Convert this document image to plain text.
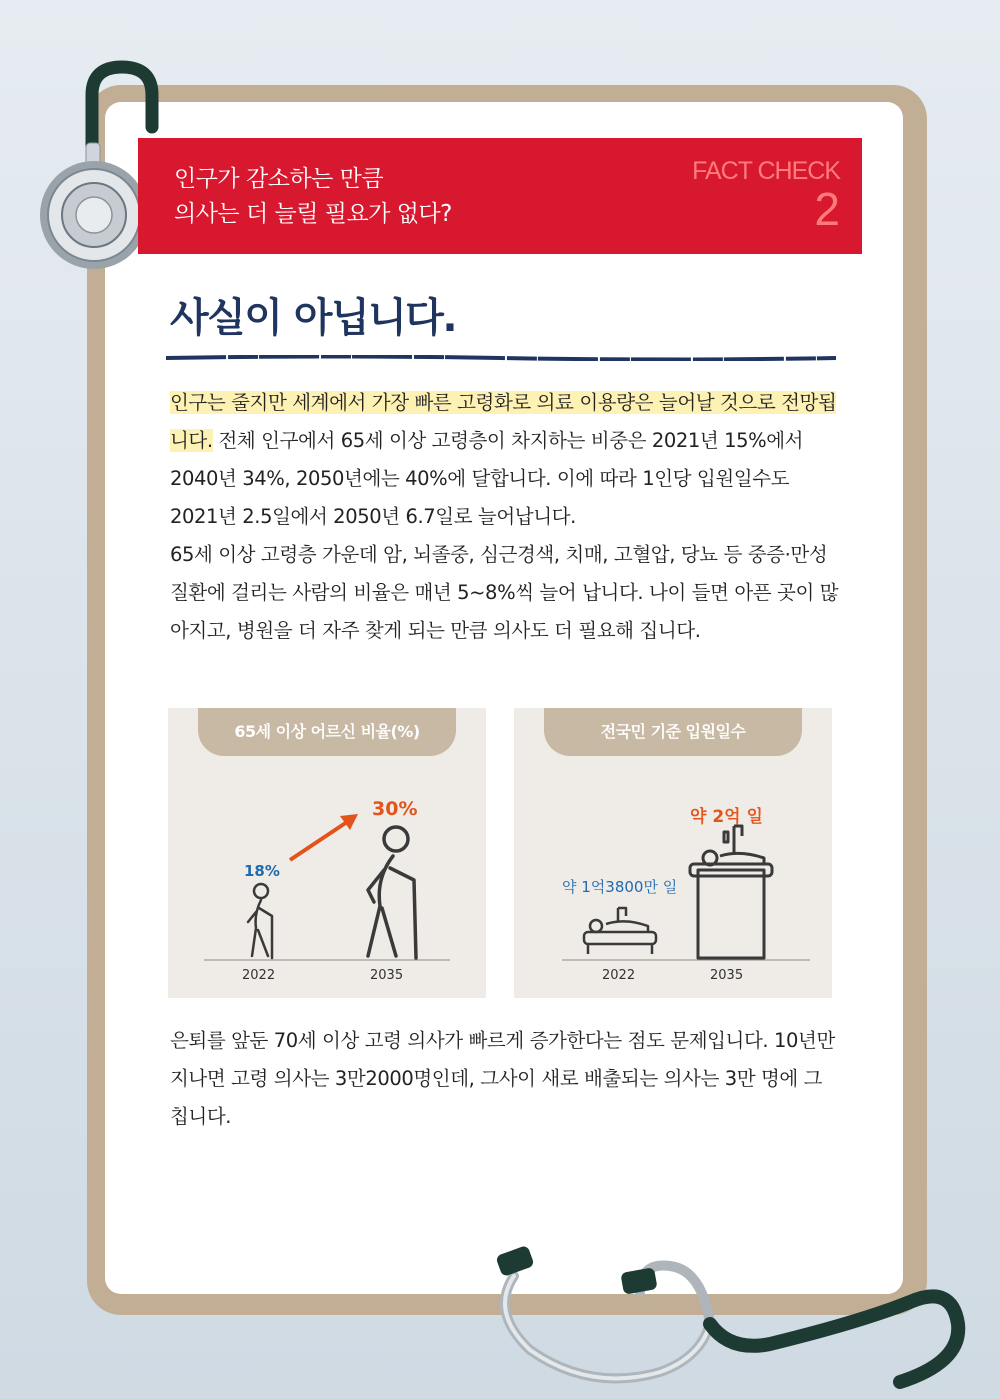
인구가 감소하는 만큼
의사는 더 늘릴 필요가 없다?
FACT CHECK
2
사실이 아닙니다.

인구는 줄지만 세계에서 가장 빠른 고령화로 의료 이용량은 늘어날 것으로 전망됩니다. 전체 인구에서 65세 이상 고령층이 차지하는 비중은 2021년 15%에서 2040년 34%, 2050년에는 40%에 달합니다. 이에 따라 1인당 입원일수도 2021년 2.5일에서 2050년 6.7일로 늘어납니다.
65세 이상 고령층 가운데 암, 뇌졸중, 심근경색, 치매, 고혈압, 당뇨 등 중증·만성질환에 걸리는 사람의 비율은 매년 5~8%씩 늘어 납니다. 나이 들면 아픈 곳이 많아지고, 병원을 더 자주 찾게 되는 만큼 의사도 더 필요해 집니다.

65세 이상 어르신 비율(%)
18%
30%
2022	2035
전국민 기준 입원일수
약 1억3800만 일
약 2억 일
2022	2035

은퇴를 앞둔 70세 이상 고령 의사가 빠르게 증가한다는 점도 문제입니다. 10년만 지나면 고령 의사는 3만2000명인데, 그사이 새로 배출되는 의사는 3만 명에 그칩니다.
